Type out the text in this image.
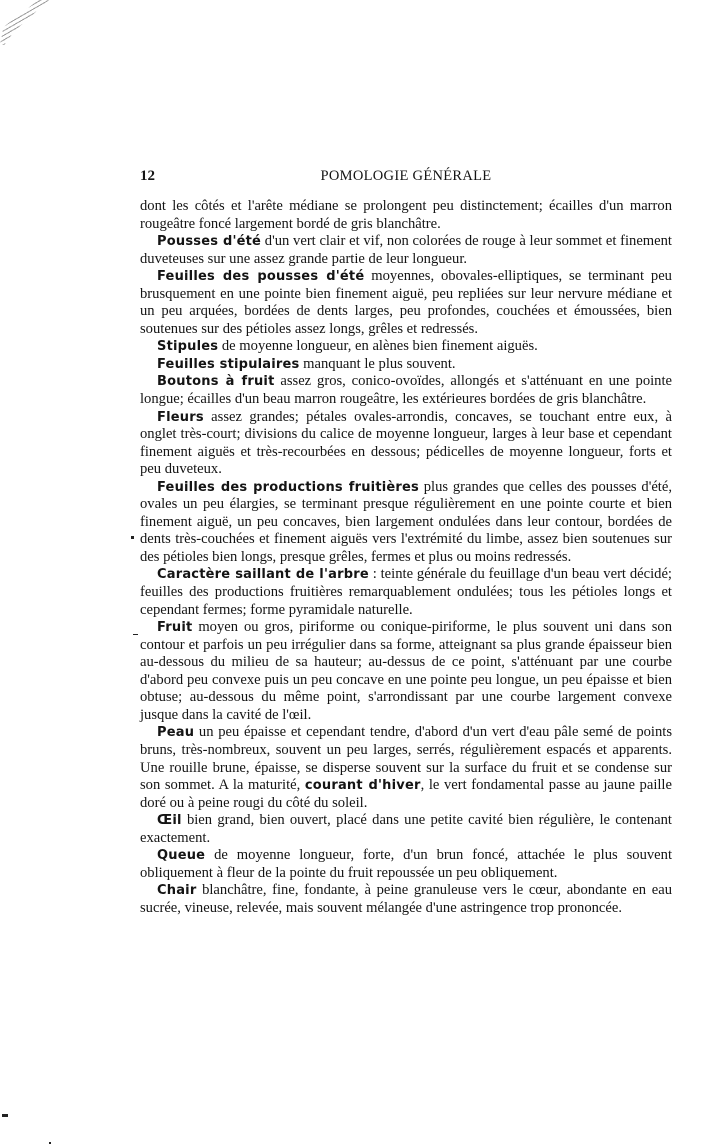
12	POMOLOGIE GÉNÉRALE

dont les côtés et l'arête médiane se prolongent peu distinctement; écailles d'un marron rougeâtre foncé largement bordé de gris blanchâtre.

Pousses d'été d'un vert clair et vif, non colorées de rouge à leur sommet et finement duveteuses sur une assez grande partie de leur longueur.

Feuilles des pousses d'été moyennes, obovales-elliptiques, se terminant peu brusquement en une pointe bien finement aiguë, peu repliées sur leur nervure médiane et un peu arquées, bordées de dents larges, peu profondes, couchées et émoussées, bien soutenues sur des pétioles assez longs, grêles et redressés.

Stipules de moyenne longueur, en alènes bien finement aiguës.

Feuilles stipulaires manquant le plus souvent.

Boutons à fruit assez gros, conico-ovoïdes, allongés et s'atténuant en une pointe longue; écailles d'un beau marron rougeâtre, les extérieures bordées de gris blanchâtre.

Fleurs assez grandes; pétales ovales-arrondis, concaves, se touchant entre eux, à onglet très-court; divisions du calice de moyenne longueur, larges à leur base et cependant finement aiguës et très-recourbées en dessous; pédicelles de moyenne longueur, forts et peu duveteux.

Feuilles des productions fruitières plus grandes que celles des pousses d'été, ovales un peu élargies, se terminant presque régulièrement en une pointe courte et bien finement aiguë, un peu concaves, bien largement ondulées dans leur contour, bordées de dents très-couchées et finement aiguës vers l'extrémité du limbe, assez bien soutenues sur des pétioles bien longs, presque grêles, fermes et plus ou moins redressés.

Caractère saillant de l'arbre : teinte générale du feuillage d'un beau vert décidé; feuilles des productions fruitières remarquablement ondulées; tous les pétioles longs et cependant fermes; forme pyramidale naturelle.

Fruit moyen ou gros, piriforme ou conique-piriforme, le plus souvent uni dans son contour et parfois un peu irrégulier dans sa forme, atteignant sa plus grande épaisseur bien au-dessous du milieu de sa hauteur; au-dessus de ce point, s'atténuant par une courbe d'abord peu convexe puis un peu concave en une pointe peu longue, un peu épaisse et bien obtuse; au-dessous du même point, s'arrondissant par une courbe largement convexe jusque dans la cavité de l'œil.

Peau un peu épaisse et cependant tendre, d'abord d'un vert d'eau pâle semé de points bruns, très-nombreux, souvent un peu larges, serrés, régulièrement espacés et apparents. Une rouille brune, épaisse, se disperse souvent sur la surface du fruit et se condense sur son sommet. A la maturité, courant d'hiver, le vert fondamental passe au jaune paille doré ou à peine rougi du côté du soleil.

Œil bien grand, bien ouvert, placé dans une petite cavité bien régulière, le contenant exactement.

Queue de moyenne longueur, forte, d'un brun foncé, attachée le plus souvent obliquement à fleur de la pointe du fruit repoussée un peu obliquement.

Chair blanchâtre, fine, fondante, à peine granuleuse vers le cœur, abondante en eau sucrée, vineuse, relevée, mais souvent mélangée d'une astringence trop prononcée.
